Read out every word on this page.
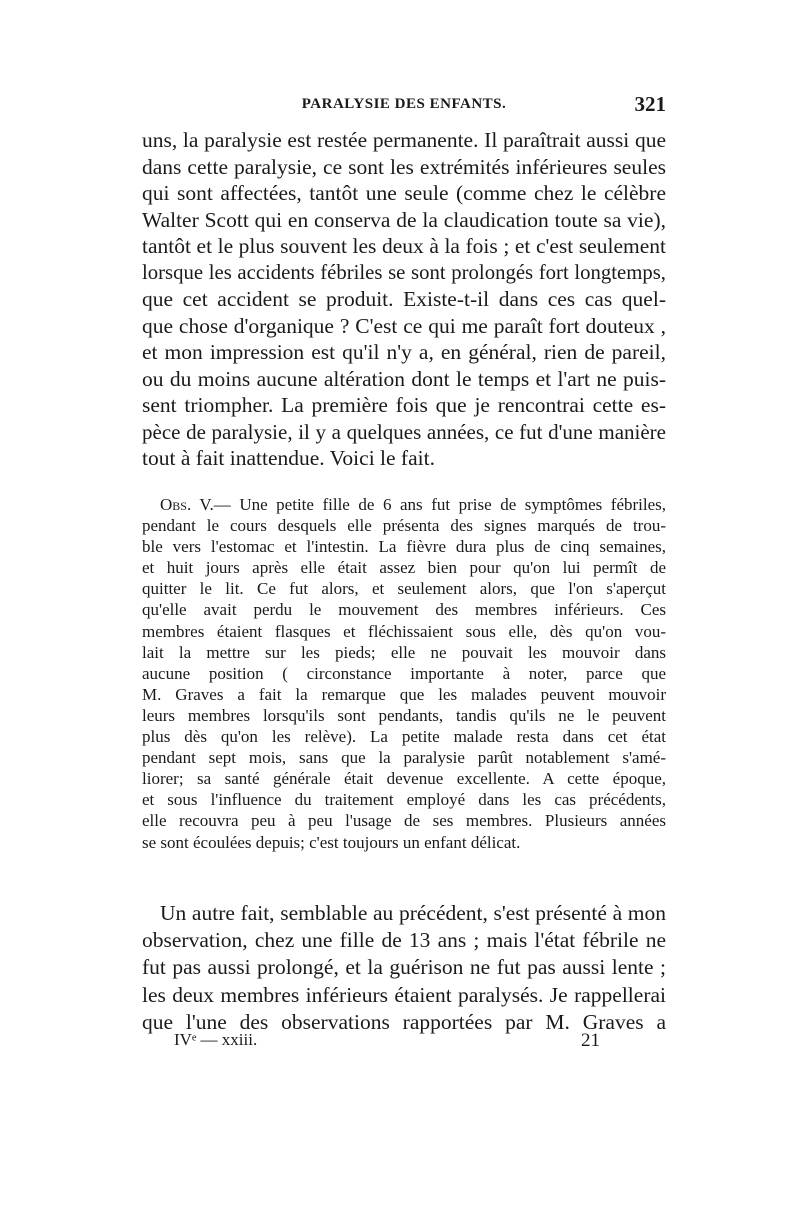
PARALYSIE DES ENFANTS.	321
uns, la paralysie est restée permanente. Il paraîtrait aussi que
dans cette paralysie, ce sont les extrémités inférieures seules
qui sont affectées, tantôt une seule (comme chez le célèbre
Walter Scott qui en conserva de la claudication toute sa vie),
tantôt et le plus souvent les deux à la fois ; et c'est seulement
lorsque les accidents fébriles se sont prolongés fort longtemps,
que cet accident se produit. Existe-t-il dans ces cas quel-
que chose d'organique ? C'est ce qui me paraît fort douteux ,
et mon impression est qu'il n'y a, en général, rien de pareil,
ou du moins aucune altération dont le temps et l'art ne puis-
sent triompher. La première fois que je rencontrai cette es-
pèce de paralysie, il y a quelques années, ce fut d'une manière
tout à fait inattendue. Voici le fait.
Obs. V.— Une petite fille de 6 ans fut prise de symptômes fébriles,
pendant le cours desquels elle présenta des signes marqués de trou-
ble vers l'estomac et l'intestin. La fièvre dura plus de cinq semaines,
et huit jours après elle était assez bien pour qu'on lui permît de
quitter le lit. Ce fut alors, et seulement alors, que l'on s'aperçut
qu'elle avait perdu le mouvement des membres inférieurs. Ces
membres étaient flasques et fléchissaient sous elle, dès qu'on vou-
lait la mettre sur les pieds; elle ne pouvait les mouvoir dans
aucune position ( circonstance importante à noter, parce que
M. Graves a fait la remarque que les malades peuvent mouvoir
leurs membres lorsqu'ils sont pendants, tandis qu'ils ne le peuvent
plus dès qu'on les relève). La petite malade resta dans cet état
pendant sept mois, sans que la paralysie parût notablement s'amé-
liorer; sa santé générale était devenue excellente. A cette époque,
et sous l'influence du traitement employé dans les cas précédents,
elle recouvra peu à peu l'usage de ses membres. Plusieurs années
se sont écoulées depuis; c'est toujours un enfant délicat.
Un autre fait, semblable au précédent, s'est présenté à mon
observation, chez une fille de 13 ans ; mais l'état fébrile ne
fut pas aussi prolongé, et la guérison ne fut pas aussi lente ;
les deux membres inférieurs étaient paralysés. Je rappellerai
que l'une des observations rapportées par M. Graves a
IVᵉ — xxiii.	21
